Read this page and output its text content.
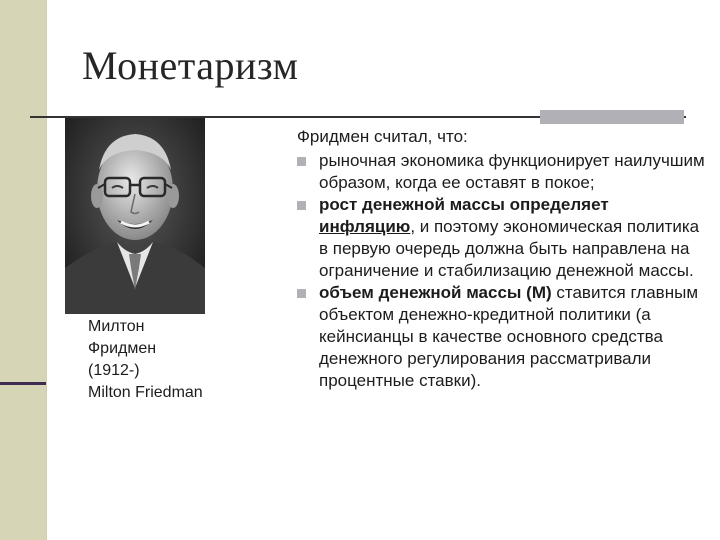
Монетаризм
Милтон
Фридмен
(1912-)
Milton Friedman

Фридмен считал, что:

рыночная экономика функционирует наилучшим образом, когда ее оставят в покое;
рост денежной массы определяет инфляцию, и поэтому экономическая политика в первую очередь должна быть направлена на ограничение и стабилизацию денежной массы.
объем денежной массы (М) ставится главным объектом денежно-кредитной политики (а кейнсианцы в качестве основного средства денежного регулирования рассматривали процентные ставки).
